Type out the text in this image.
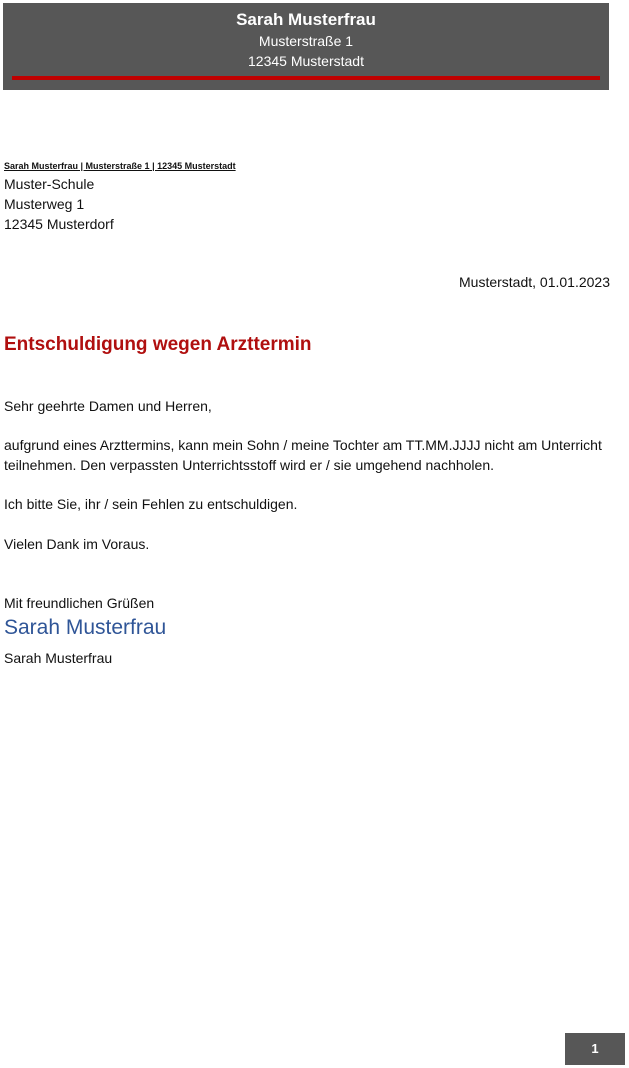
Sarah Musterfrau
Musterstraße 1
12345 Musterstadt
Sarah Musterfrau | Musterstraße 1 | 12345 Musterstadt
Muster-Schule
Musterweg 1
12345 Musterdorf
Musterstadt, 01.01.2023
Entschuldigung wegen Arzttermin
Sehr geehrte Damen und Herren,
aufgrund eines Arzttermins, kann mein Sohn / meine Tochter am TT.MM.JJJJ nicht am Unterricht teilnehmen. Den verpassten Unterrichtsstoff wird er / sie umgehend nachholen.
Ich bitte Sie, ihr / sein Fehlen zu entschuldigen.
Vielen Dank im Voraus.
Mit freundlichen Grüßen
Sarah Musterfrau
Sarah Musterfrau
1
